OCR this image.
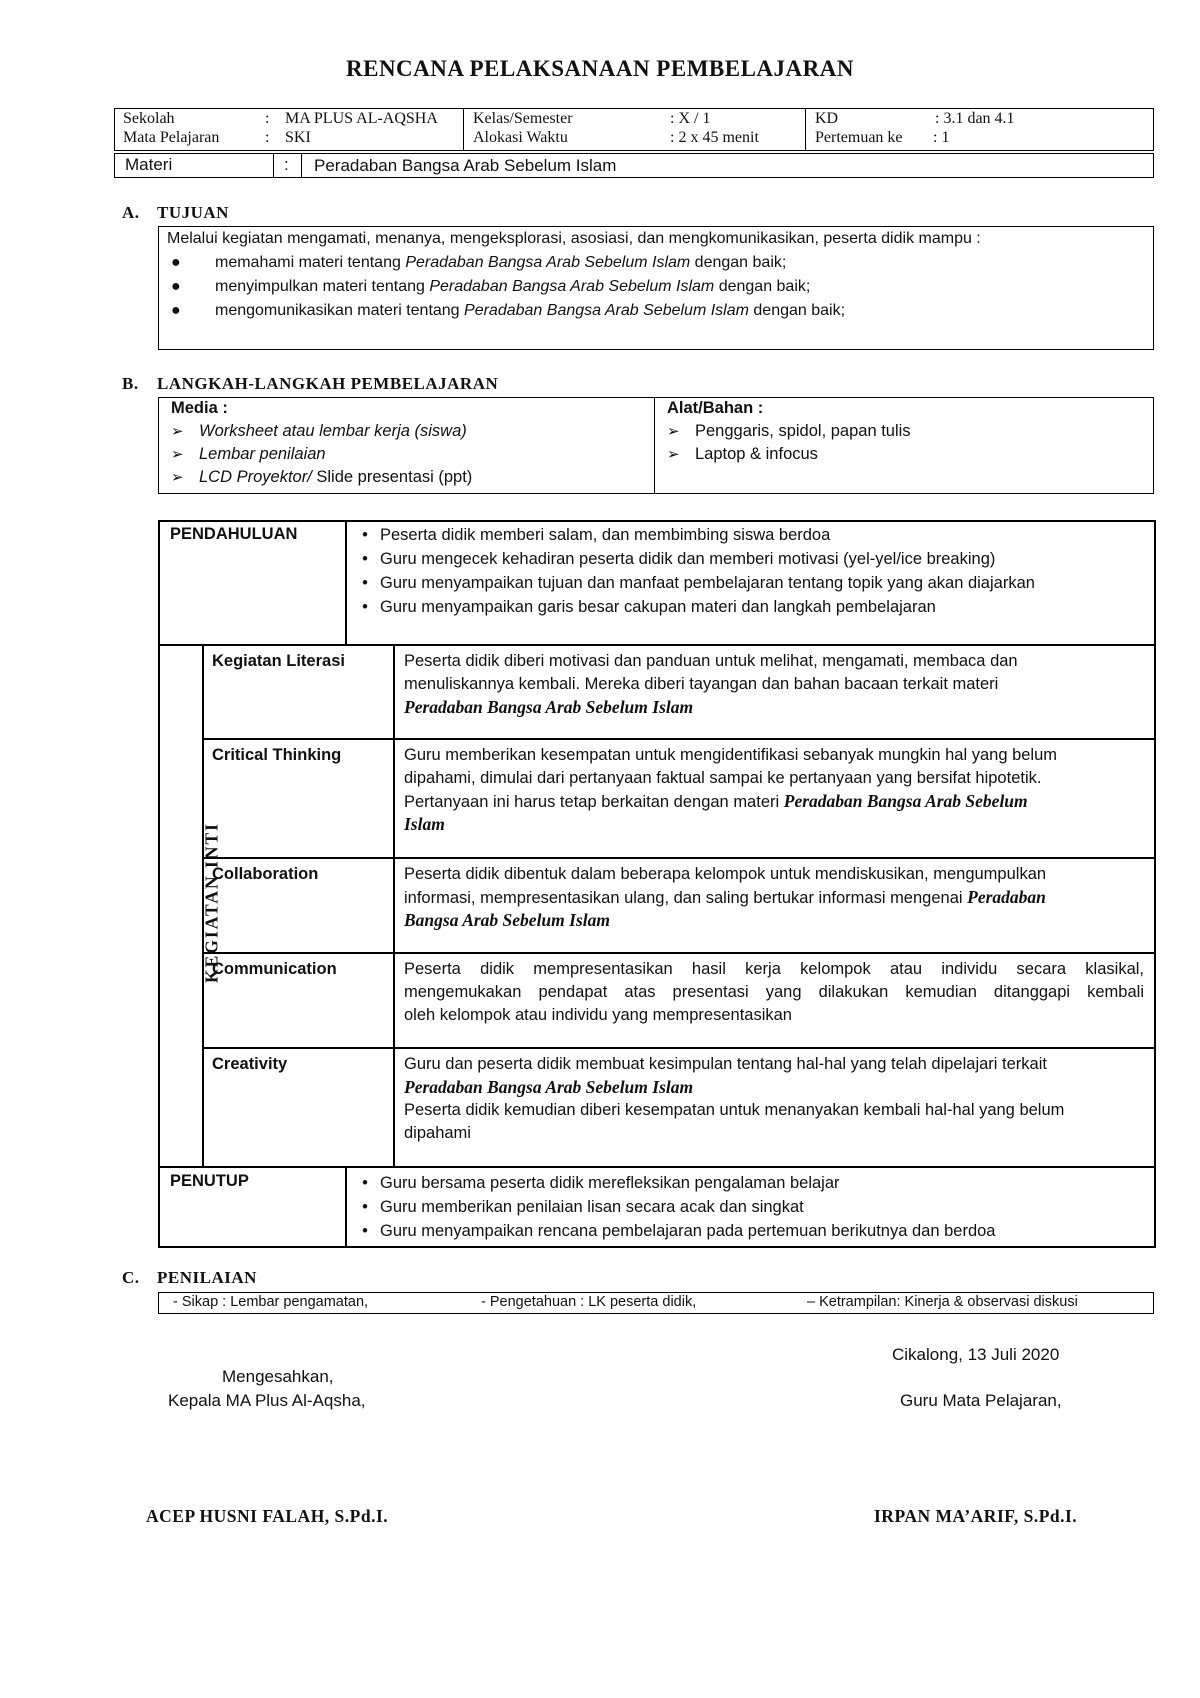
RENCANA PELAKSANAAN PEMBELAJARAN
Sekolah	: MA PLUS AL-AQSHA
Mata Pelajaran	: SKI
Kelas/Semester	: X / 1
Alokasi Waktu	: 2 x 45 menit
KD	: 3.1 dan 4.1
Pertemuan ke : 1
Materi	:	Peradaban Bangsa Arab Sebelum Islam
A. TUJUAN
Melalui kegiatan mengamati, menanya, mengeksplorasi, asosiasi, dan mengkomunikasikan, peserta didik mampu :
● memahami materi tentang Peradaban Bangsa Arab Sebelum Islam dengan baik;
● menyimpulkan materi tentang Peradaban Bangsa Arab Sebelum Islam dengan baik;
● mengomunikasikan materi tentang Peradaban Bangsa Arab Sebelum Islam dengan baik;
B. LANGKAH-LANGKAH PEMBELAJARAN
Media :
➢ Worksheet atau lembar kerja (siswa)
➢ Lembar penilaian
➢ LCD Proyektor/ Slide presentasi (ppt)
Alat/Bahan :
➢ Penggaris, spidol, papan tulis
➢ Laptop & infocus
PENDAHULUAN	• Peserta didik memberi salam, dan membimbing siswa berdoa
• Guru mengecek kehadiran peserta didik dan memberi motivasi (yel-yel/ice breaking)
• Guru menyampaikan tujuan dan manfaat pembelajaran tentang topik yang akan diajarkan
• Guru menyampaikan garis besar cakupan materi dan langkah pembelajaran
KEGIATAN INTI
Kegiatan Literasi	Peserta didik diberi motivasi dan panduan untuk melihat, mengamati, membaca dan
menuliskannya kembali. Mereka diberi tayangan dan bahan bacaan terkait materi
Peradaban Bangsa Arab Sebelum Islam
Critical Thinking	Guru memberikan kesempatan untuk mengidentifikasi sebanyak mungkin hal yang belum
dipahami, dimulai dari pertanyaan faktual sampai ke pertanyaan yang bersifat hipotetik.
Pertanyaan ini harus tetap berkaitan dengan materi Peradaban Bangsa Arab Sebelum
Islam
Collaboration	Peserta didik dibentuk dalam beberapa kelompok untuk mendiskusikan, mengumpulkan
informasi, mempresentasikan ulang, dan saling bertukar informasi mengenai Peradaban
Bangsa Arab Sebelum Islam
Communication	Peserta didik mempresentasikan hasil kerja kelompok atau individu secara klasikal,
mengemukakan pendapat atas presentasi yang dilakukan kemudian ditanggapi kembali
oleh kelompok atau individu yang mempresentasikan
Creativity	Guru dan peserta didik membuat kesimpulan tentang hal-hal yang telah dipelajari terkait
Peradaban Bangsa Arab Sebelum Islam
Peserta didik kemudian diberi kesempatan untuk menanyakan kembali hal-hal yang belum
dipahami
PENUTUP	• Guru bersama peserta didik merefleksikan pengalaman belajar
• Guru memberikan penilaian lisan secara acak dan singkat
• Guru menyampaikan rencana pembelajaran pada pertemuan berikutnya dan berdoa
C. PENILAIAN
- Sikap : Lembar pengamatan,	- Pengetahuan : LK peserta didik,	– Ketrampilan: Kinerja & observasi diskusi
Cikalong, 13 Juli 2020
Mengesahkan,
Kepala MA Plus Al-Aqsha,	Guru Mata Pelajaran,
ACEP HUSNI FALAH, S.Pd.I.	IRPAN MA’ARIF, S.Pd.I.
